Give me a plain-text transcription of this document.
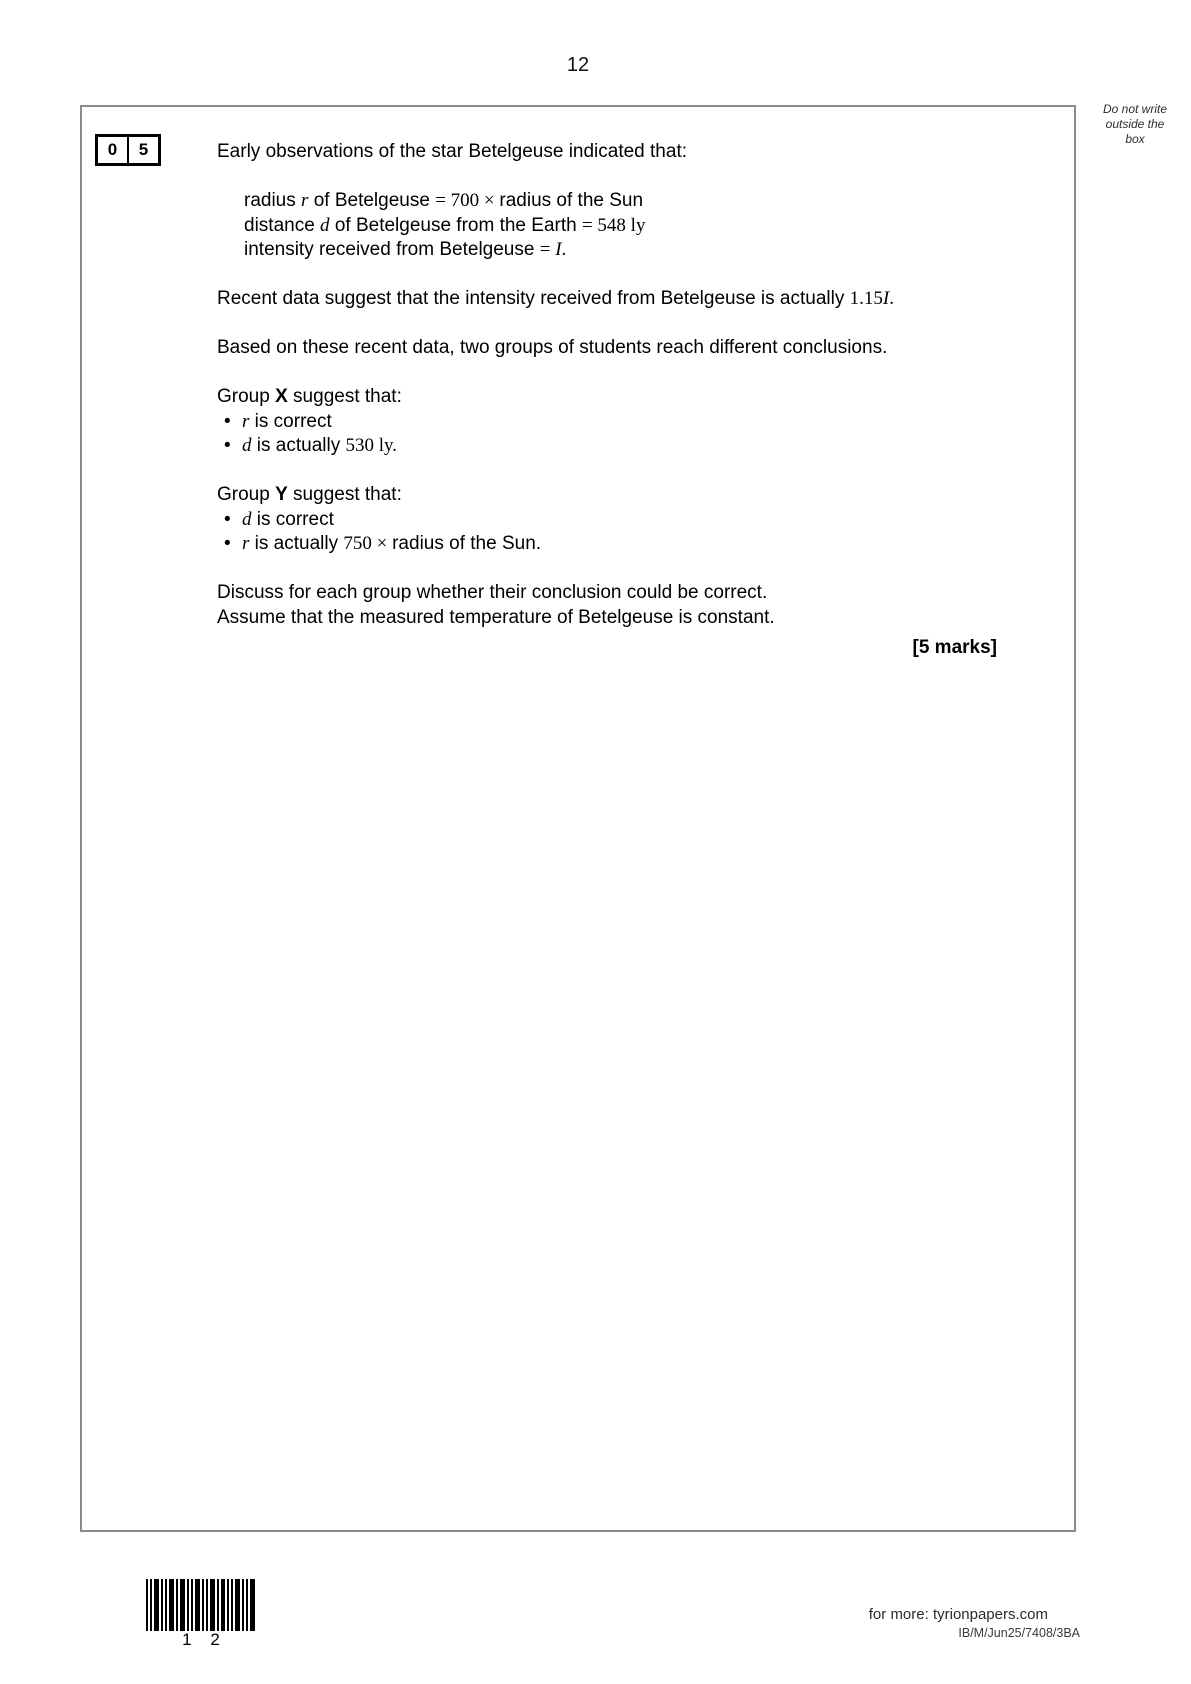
12
Do not write
outside the
box
0	5	Early observations of the star Betelgeuse indicated that:

radius r of Betelgeuse = 700 × radius of the Sun

distance d of Betelgeuse from the Earth = 548 ly

intensity received from Betelgeuse = I.

Recent data suggest that the intensity received from Betelgeuse is actually 1.15I.

Based on these recent data, two groups of students reach different conclusions.

Group X suggest that:

• r is correct

• d is actually 530 ly.

Group Y suggest that:

• d is correct

• r is actually 750 × radius of the Sun.

Discuss for each group whether their conclusion could be correct.

Assume that the measured temperature of Betelgeuse is constant.

[5 marks]

1 2
for more: tyrionpapers.com
IB/M/Jun25/7408/3BA
